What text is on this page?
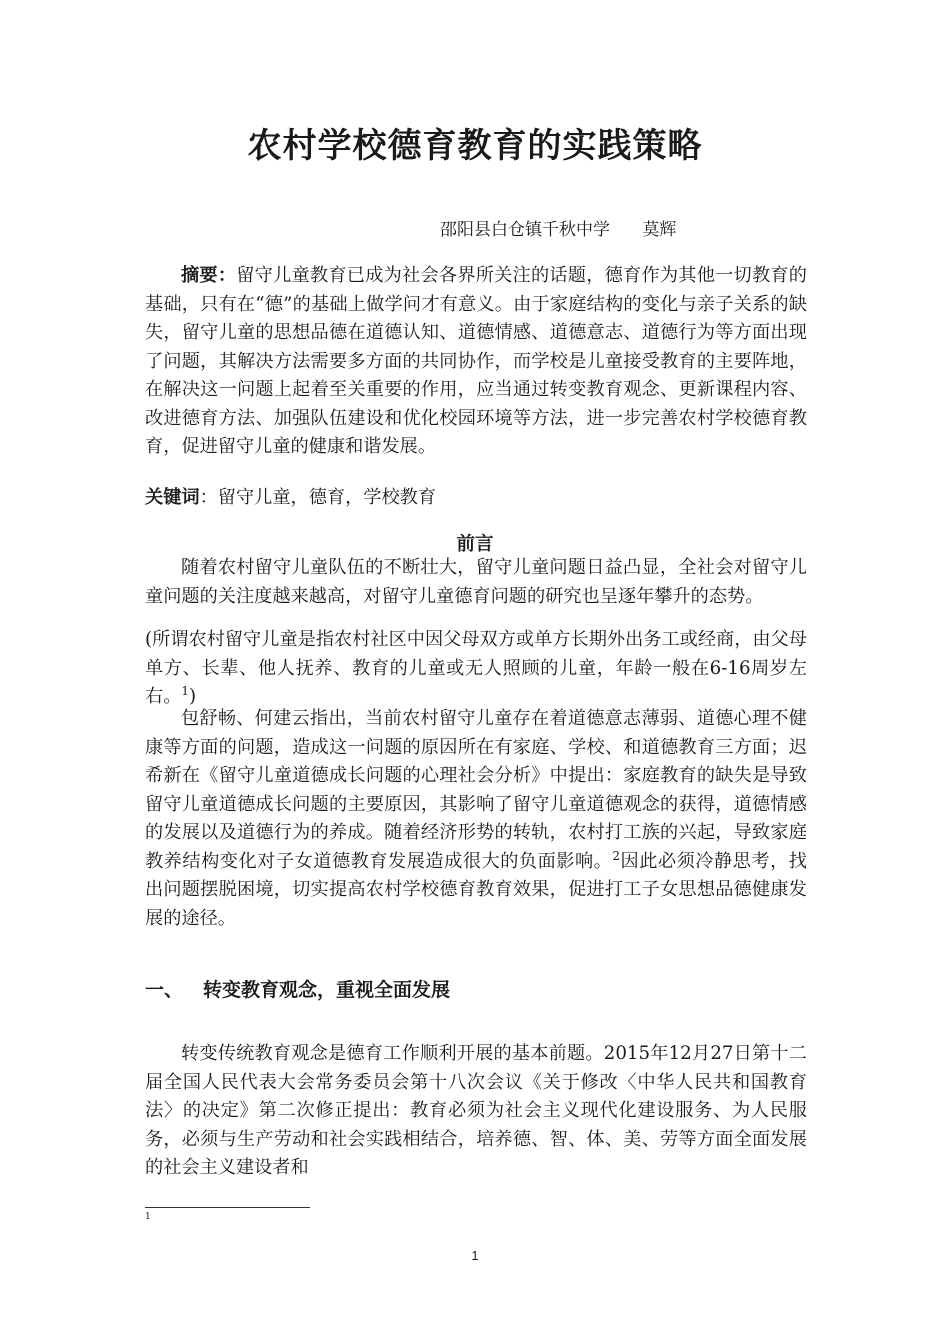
农村学校德育教育的实践策略
邵阳县白仓镇千秋中学      莫辉
摘要：留守儿童教育已成为社会各界所关注的话题，德育作为其他一切教育的基础，只有在“德”的基础上做学问才有意义。由于家庭结构的变化与亲子关系的缺失，留守儿童的思想品德在道德认知、道德情感、道德意志、道德行为等方面出现了问题，其解决方法需要多方面的共同协作，而学校是儿童接受教育的主要阵地，在解决这一问题上起着至关重要的作用，应当通过转变教育观念、更新课程内容、改进德育方法、加强队伍建设和优化校园环境等方法，进一步完善农村学校德育教育，促进留守儿童的健康和谐发展。
关键词：留守儿童，德育，学校教育
前言
随着农村留守儿童队伍的不断壮大，留守儿童问题日益凸显，全社会对留守儿童问题的关注度越来越高，对留守儿童德育问题的研究也呈逐年攀升的态势。
(所谓农村留守儿童是指农村社区中因父母双方或单方长期外出务工或经商，由父母单方、长辈、他人抚养、教育的儿童或无人照顾的儿童，年龄一般在6-16周岁左右。$^1$)
包舒畅、何建云指出，当前农村留守儿童存在着道德意志薄弱、道德心理不健康等方面的问题，造成这一问题的原因所在有家庭、学校、和道德教育三方面；迟希新在《留守儿童道德成长问题的心理社会分析》中提出：家庭教育的缺失是导致留守儿童道德成长问题的主要原因，其影响了留守儿童道德观念的获得，道德情感的发展以及道德行为的养成。随着经济形势的转轨，农村打工族的兴起，导致家庭教养结构变化对子女道德教育发展造成很大的负面影响。$^2$因此必须冷静思考，找出问题摆脱困境，切实提高农村学校德育教育效果，促进打工子女思想品德健康发展的途径。
一、 转变教育观念，重视全面发展
转变传统教育观念是德育工作顺利开展的基本前题。2015年12月27日第十二届全国人民代表大会常务委员会第十八次会议《关于修改〈中华人民共和国教育法〉的决定》第二次修正提出：教育必须为社会主义现代化建设服务、为人民服务，必须与生产劳动和社会实践相结合，培养德、智、体、美、劳等方面全面发展的社会主义建设者和
1
1
